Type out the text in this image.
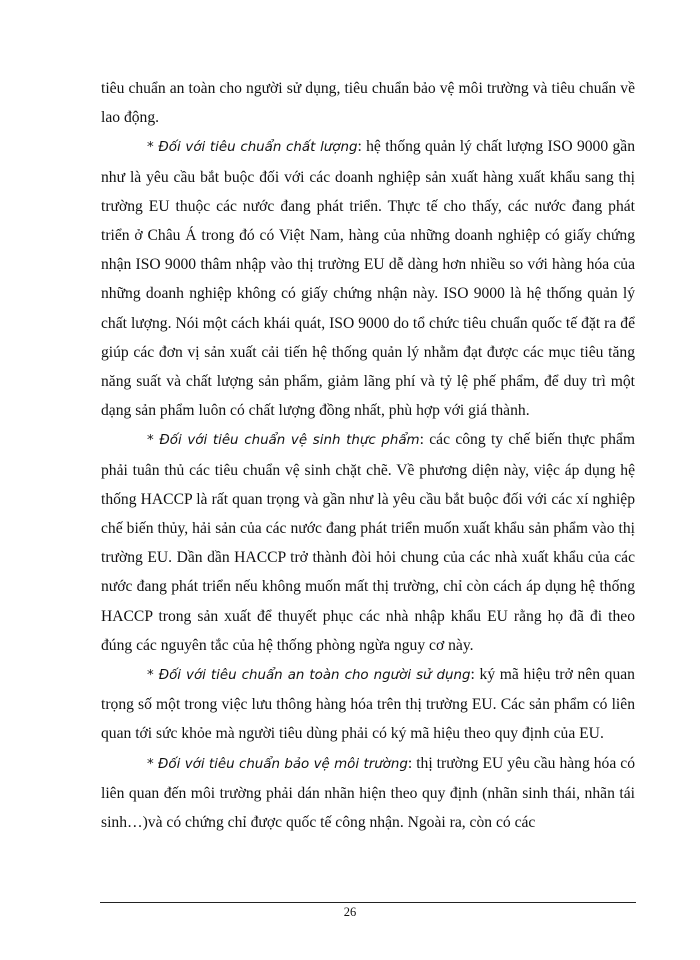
tiêu chuẩn an toàn cho người sử dụng, tiêu chuẩn bảo vệ môi trường và tiêu chuẩn về lao động.

* Đối với tiêu chuẩn chất lượng: hệ thống quản lý chất lượng ISO 9000 gần như là yêu cầu bắt buộc đối với các doanh nghiệp sản xuất hàng xuất khẩu sang thị trường EU thuộc các nước đang phát triển. Thực tế cho thấy, các nước đang phát triển ở Châu Á trong đó có Việt Nam, hàng của những doanh nghiệp có giấy chứng nhận ISO 9000 thâm nhập vào thị trường EU dễ dàng hơn nhiều so với hàng hóa của những doanh nghiệp không có giấy chứng nhận này. ISO 9000 là hệ thống quản lý chất lượng. Nói một cách khái quát, ISO 9000 do tổ chức tiêu chuẩn quốc tế đặt ra để giúp các đơn vị sản xuất cải tiến hệ thống quản lý nhằm đạt được các mục tiêu tăng năng suất và chất lượng sản phẩm, giảm lãng phí và tỷ lệ phế phẩm, để duy trì một dạng sản phẩm luôn có chất lượng đồng nhất, phù hợp với giá thành.

* Đối với tiêu chuẩn vệ sinh thực phẩm: các công ty chế biến thực phẩm phải tuân thủ các tiêu chuẩn vệ sinh chặt chẽ. Về phương diện này, việc áp dụng hệ thống HACCP là rất quan trọng và gần như là yêu cầu bắt buộc đối với các xí nghiệp chế biến thủy, hải sản của các nước đang phát triển muốn xuất khẩu sản phẩm vào thị trường EU. Dần dần HACCP trở thành đòi hỏi chung của các nhà xuất khẩu của các nước đang phát triển nếu không muốn mất thị trường, chỉ còn cách áp dụng hệ thống HACCP trong sản xuất để thuyết phục các nhà nhập khẩu EU rằng họ đã đi theo đúng các nguyên tắc của hệ thống phòng ngừa nguy cơ này.

* Đối với tiêu chuẩn an toàn cho người sử dụng: ký mã hiệu trở nên quan trọng số một trong việc lưu thông hàng hóa trên thị trường EU. Các sản phẩm có liên quan tới sức khỏe mà người tiêu dùng phải có ký mã hiệu theo quy định của EU.

* Đối với tiêu chuẩn bảo vệ môi trường: thị trường EU yêu cầu hàng hóa có liên quan đến môi trường phải dán nhãn hiện theo quy định (nhãn sinh thái, nhãn tái sinh…)và có chứng chỉ được quốc tế công nhận. Ngoài ra, còn có các

26
